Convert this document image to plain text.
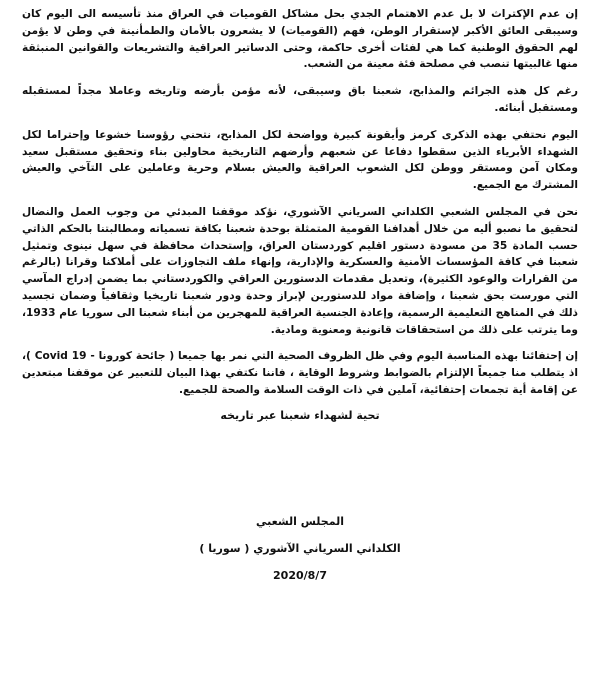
إن عدم الإكتراث لا بل عدم الاهتمام الجدي بحل مشاكل القوميات في العراق منذ تأسيسه الى اليوم كان وسيبقى العائق الأكبر لإستقرار الوطن، فهم (القوميات) لا يشعرون بالأمان والطمأنينة في وطن لا يؤمن لهم الحقوق الوطنية كما هي لفئات أخرى حاكمة، وحتى الدساتير العراقية والتشريعات والقوانين المنبثقة منها غالبيتها تنصب في مصلحة فئة معينة من الشعب.

رغم كل هذه الجرائم والمذابح، شعبنا باق وسيبقى، لأنه مؤمن بأرضه وتاريخه وعاملا مجداً لمستقبله ومستقبل أبنائه.

اليوم نحتفي بهذه الذكرى كرمز وأيقونة كبيرة وواضحة لكل المذابح، نتحني رؤوسنا خشوعا وإحتراما لكل الشهداء الأبرياء الذين سقطوا دفاعا عن شعبهم وأرضهم التاريخية محاولين بناء وتحقيق مستقبل سعيد ومكان آمن ومستقر ووطن لكل الشعوب العراقية والعيش بسلام وحرية وعاملين على التآخي والعيش المشترك مع الجميع.

نحن في المجلس الشعبي الكلداني السرياني الآشوري، نؤكد موقفنا المبدئي من وجوب العمل والنضال لتحقيق ما نصبو أليه من خلال أهدافنا القومية المتمثلة بوحدة شعبنا بكافة تسمياته ومطالبتنا بالحكم الذاتي حسب المادة 35 من مسودة دستور اقليم كوردستان العراق، وإستحداث محافظة في سهل نينوى وتمثيل شعبنا في كافة المؤسسات الأمنية والعسكرية والإدارية، وإنهاء ملف التجاوزات على أملاكنا وقرانا (بالرغم من القرارات والوعود الكثيرة)، وتعديل مقدمات الدستورين العراقي والكوردستاني بما يضمن إدراج المآسي التي مورست بحق شعبنا ، وإضافة مواد للدستورين لإبراز وحدة ودور شعبنا تاريخيا وثقافياً وضمان تجسيد ذلك في المناهج التعليمية الرسمية، وإعادة الجنسية العراقية للمهجرين من أبناء شعبنا الى سوريا عام 1933، وما يترتب على ذلك من استحقاقات قانونية ومعنوية ومادية.

إن إحتفائنا بهذه المناسبة اليوم وفي ظل الظروف الصحية التي نمر بها جميعا ( جائحة كورونا - Covid 19 )، اذ يتطلب منا جميعاً الإلتزام بالضوابط وشروط الوقاية ، فاننا نكتفي بهذا البيان للتعبير عن موقفنا مبتعدين عن إقامة أية تجمعات إحتفائية، آملين في ذات الوقت السلامة والصحة للجميع.

تحية لشهداء شعبنا عبر تاريخه
المجلس الشعبي
الكلداني السرياني الآشوري ( سوريا )
2020/8/7
